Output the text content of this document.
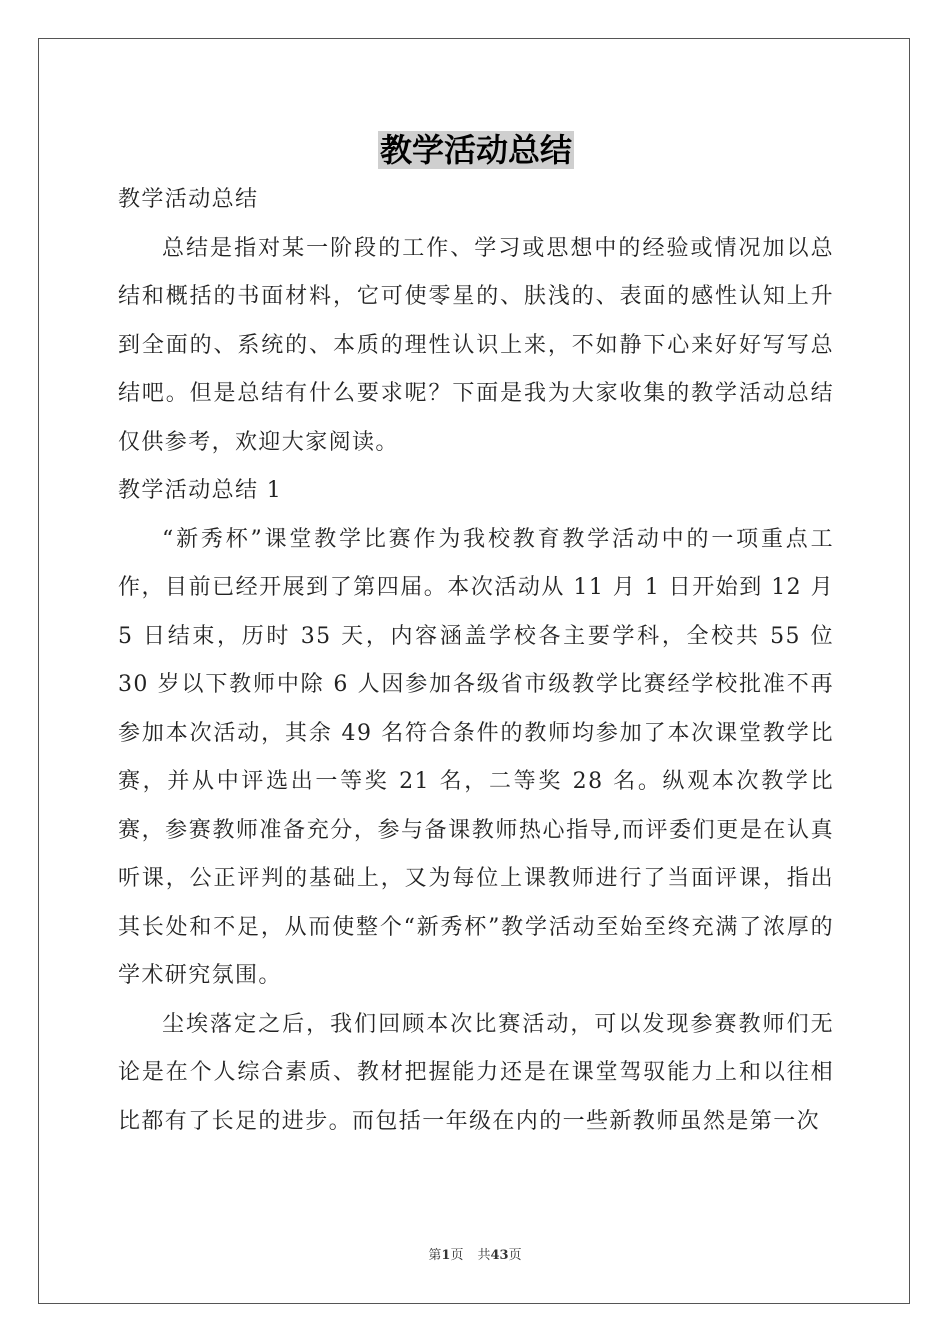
教学活动总结

教学活动总结

总结是指对某一阶段的工作、学习或思想中的经验或情况加以总结和概括的书面材料，它可使零星的、肤浅的、表面的感性认知上升到全面的、系统的、本质的理性认识上来，不如静下心来好好写写总结吧。但是总结有什么要求呢？下面是我为大家收集的教学活动总结仅供参考，欢迎大家阅读。

教学活动总结 1

“新秀杯”课堂教学比赛作为我校教育教学活动中的一项重点工作，目前已经开展到了第四届。本次活动从 11 月 1 日开始到 12 月 5 日结束，历时 35 天，内容涵盖学校各主要学科，全校共 55 位 30 岁以下教师中除 6 人因参加各级省市级教学比赛经学校批准不再参加本次活动，其余 49 名符合条件的教师均参加了本次课堂教学比赛，并从中评选出一等奖 21 名，二等奖 28 名。纵观本次教学比赛，参赛教师准备充分，参与备课教师热心指导,而评委们更是在认真听课，公正评判的基础上，又为每位上课教师进行了当面评课，指出其长处和不足，从而使整个“新秀杯”教学活动至始至终充满了浓厚的学术研究氛围。

尘埃落定之后，我们回顾本次比赛活动，可以发现参赛教师们无论是在个人综合素质、教材把握能力还是在课堂驾驭能力上和以往相比都有了长足的进步。而包括一年级在内的一些新教师虽然是第一次

第1页 共43页
